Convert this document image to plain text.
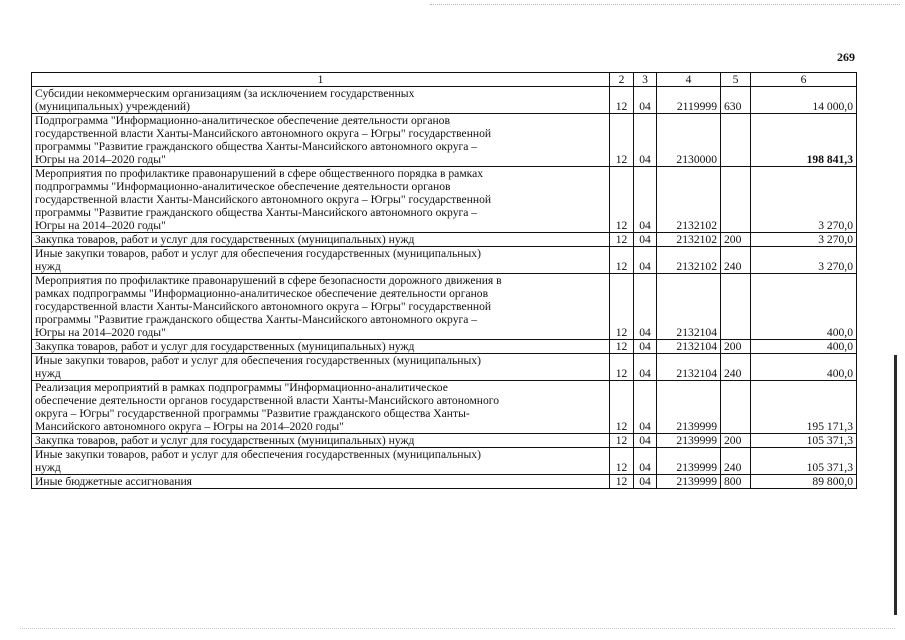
269
1	2	3	4	5	6

Субсидии некоммерческим организациям (за исключением государственных
(муниципальных) учреждений)	12	04	2119999	630	14 000,0

Подпрограмма "Информационно-аналитическое обеспечение деятельности органов
государственной власти Ханты-Мансийского автономного округа – Югры" государственной
программы "Развитие гражданского общества Ханты-Мансийского автономного округа –
Югры на 2014–2020 годы"	12	04	2130000		198 841,3

Мероприятия по профилактике правонарушений в сфере общественного порядка в рамках
подпрограммы "Информационно-аналитическое обеспечение деятельности органов
государственной власти Ханты-Мансийского автономного округа – Югры" государственной
программы "Развитие гражданского общества Ханты-Мансийского автономного округа –
Югры на 2014–2020 годы"	12	04	2132102		3 270,0

Закупка товаров, работ и услуг для государственных (муниципальных) нужд	12	04	2132102	200	3 270,0

Иные закупки товаров, работ и услуг для обеспечения государственных (муниципальных)
нужд	12	04	2132102	240	3 270,0

Мероприятия по профилактике правонарушений в сфере безопасности дорожного движения в
рамках подпрограммы "Информационно-аналитическое обеспечение деятельности органов
государственной власти Ханты-Мансийского автономного округа – Югры" государственной
программы "Развитие гражданского общества Ханты-Мансийского автономного округа –
Югры на 2014–2020 годы"	12	04	2132104		400,0

Закупка товаров, работ и услуг для государственных (муниципальных) нужд	12	04	2132104	200	400,0

Иные закупки товаров, работ и услуг для обеспечения государственных (муниципальных)
нужд	12	04	2132104	240	400,0

Реализация мероприятий в рамках подпрограммы "Информационно-аналитическое
обеспечение деятельности органов государственной власти Ханты-Мансийского автономного
округа – Югры" государственной программы "Развитие гражданского общества Ханты-
Мансийского автономного округа – Югры на 2014–2020 годы"	12	04	2139999		195 171,3

Закупка товаров, работ и услуг для государственных (муниципальных) нужд	12	04	2139999	200	105 371,3

Иные закупки товаров, работ и услуг для обеспечения государственных (муниципальных)
нужд	12	04	2139999	240	105 371,3

Иные бюджетные ассигнования	12	04	2139999	800	89 800,0
